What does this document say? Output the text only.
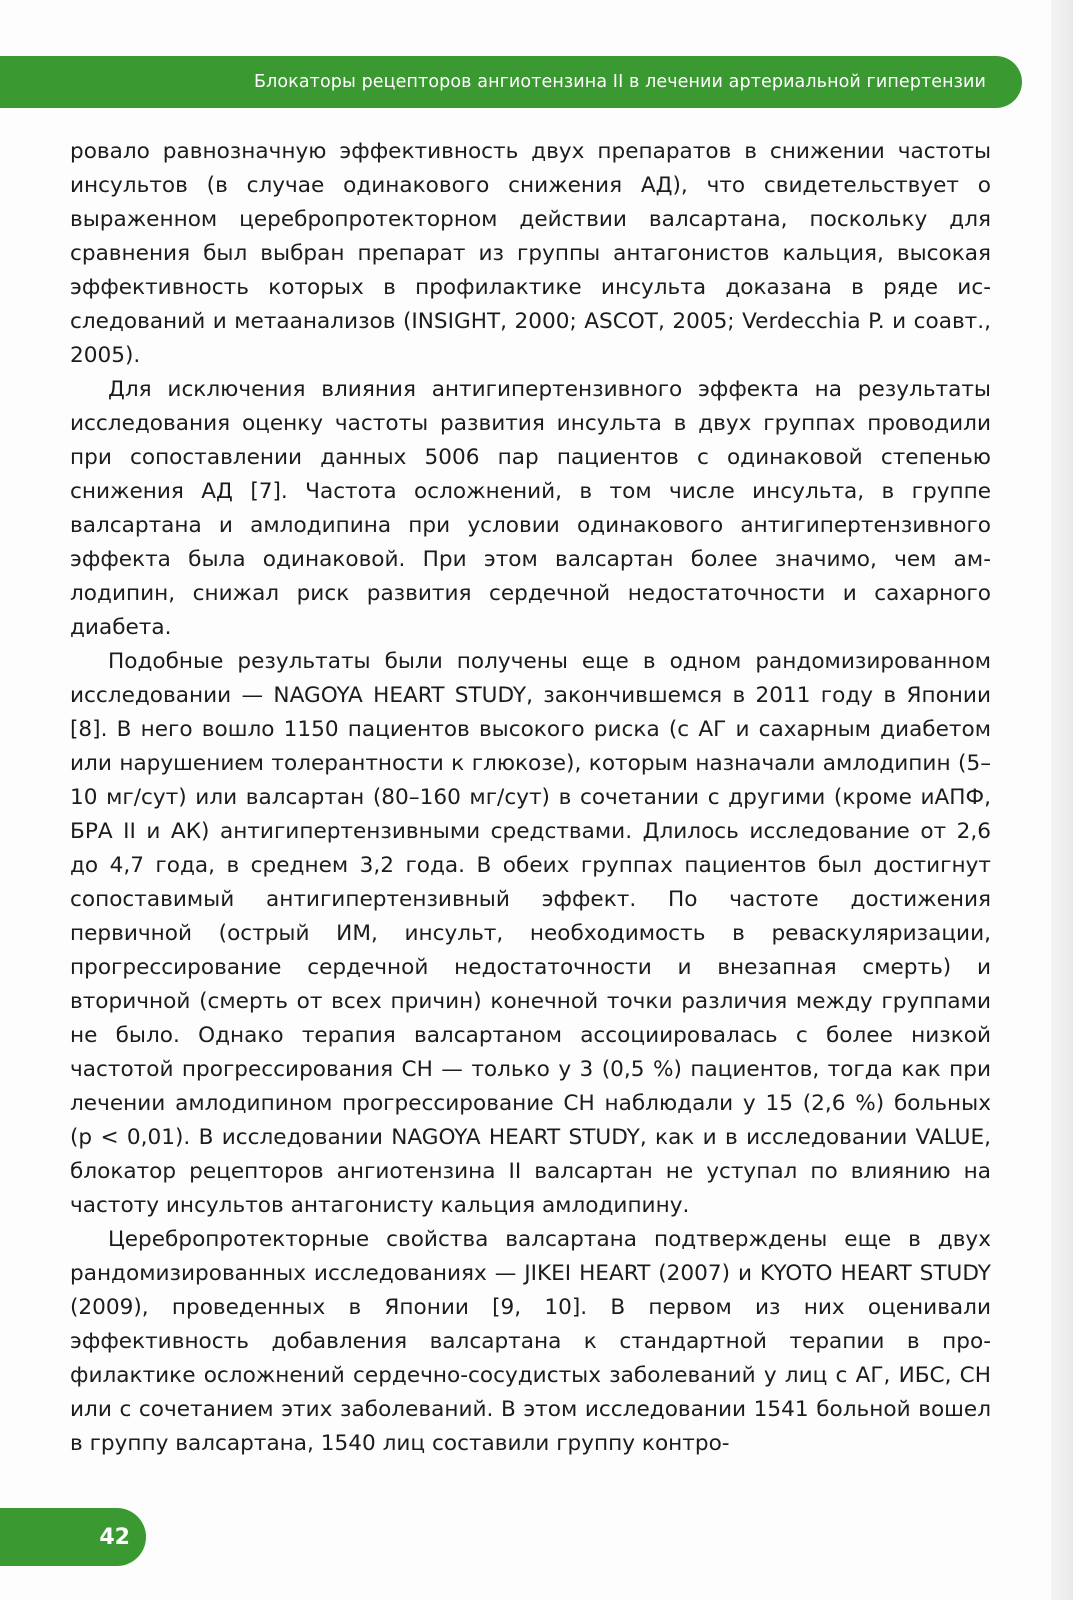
Блокаторы рецепторов ангиотензина II в лечении артериальной гипертензии

ровало равнозначную эффективность двух препаратов в снижении частоты инсультов (в случае одинакового снижения АД), что свидетельствует о выраженном церебропротекторном действии валсартана, поскольку для сравнения был выбран препарат из группы антагонистов кальция, высокая эффективность которых в профилактике инсульта доказана в ряде исследований и метаанализов (INSIGHT, 2000; ASCOT, 2005; Verdecchia P. и соавт., 2005).

Для исключения влияния антигипертензивного эффекта на результаты исследования оценку частоты развития инсульта в двух группах проводили при сопоставлении данных 5006 пар пациентов с одинаковой степенью снижения АД [7]. Частота осложнений, в том числе инсульта, в группе валсартана и амлодипина при условии одинакового антигипертензивного эффекта была одинаковой. При этом валсартан более значимо, чем амлодипин, снижал риск развития сердечной недостаточности и сахарного диабета.

Подобные результаты были получены еще в одном рандомизированном исследовании — NAGOYA HEART STUDY, закончившемся в 2011 году в Японии [8]. В него вошло 1150 пациентов высокого риска (с АГ и сахарным диабетом или нарушением толерантности к глюкозе), которым назначали амлодипин (5–10 мг/сут) или валсартан (80–160 мг/сут) в сочетании с другими (кроме иАПФ, БРА II и АК) антигипертензивными средствами. Длилось исследование от 2,6 до 4,7 года, в среднем 3,2 года. В обеих группах пациентов был достигнут сопоставимый антигипертензивный эффект. По частоте достижения первичной (острый ИМ, инсульт, необходимость в реваскуляризации, прогрессирование сердечной недостаточности и внезапная смерть) и вторичной (смерть от всех причин) конечной точки различия между группами не было. Однако терапия валсартаном ассоциировалась с более низкой частотой прогрессирования СН — только у 3 (0,5 %) пациентов, тогда как при лечении амлодипином прогрессирование СН наблюдали у 15 (2,6 %) больных (p < 0,01). В исследовании NAGOYA HEART STUDY, как и в исследовании VALUE, блокатор рецепторов ангиотензина II валсартан не уступал по влиянию на частоту инсультов антагонисту кальция амлодипину.

Церебропротекторные свойства валсартана подтверждены еще в двух рандомизированных исследованиях — JIKEI HEART (2007) и KYOTO HEART STUDY (2009), проведенных в Японии [9, 10]. В первом из них оценивали эффективность добавления валсартана к стандартной терапии в профилактике осложнений сердечно-сосудистых заболеваний у лиц с АГ, ИБС, СН или с сочетанием этих заболеваний. В этом исследовании 1541 больной вошел в группу валсартана, 1540 лиц составили группу контро-

42
